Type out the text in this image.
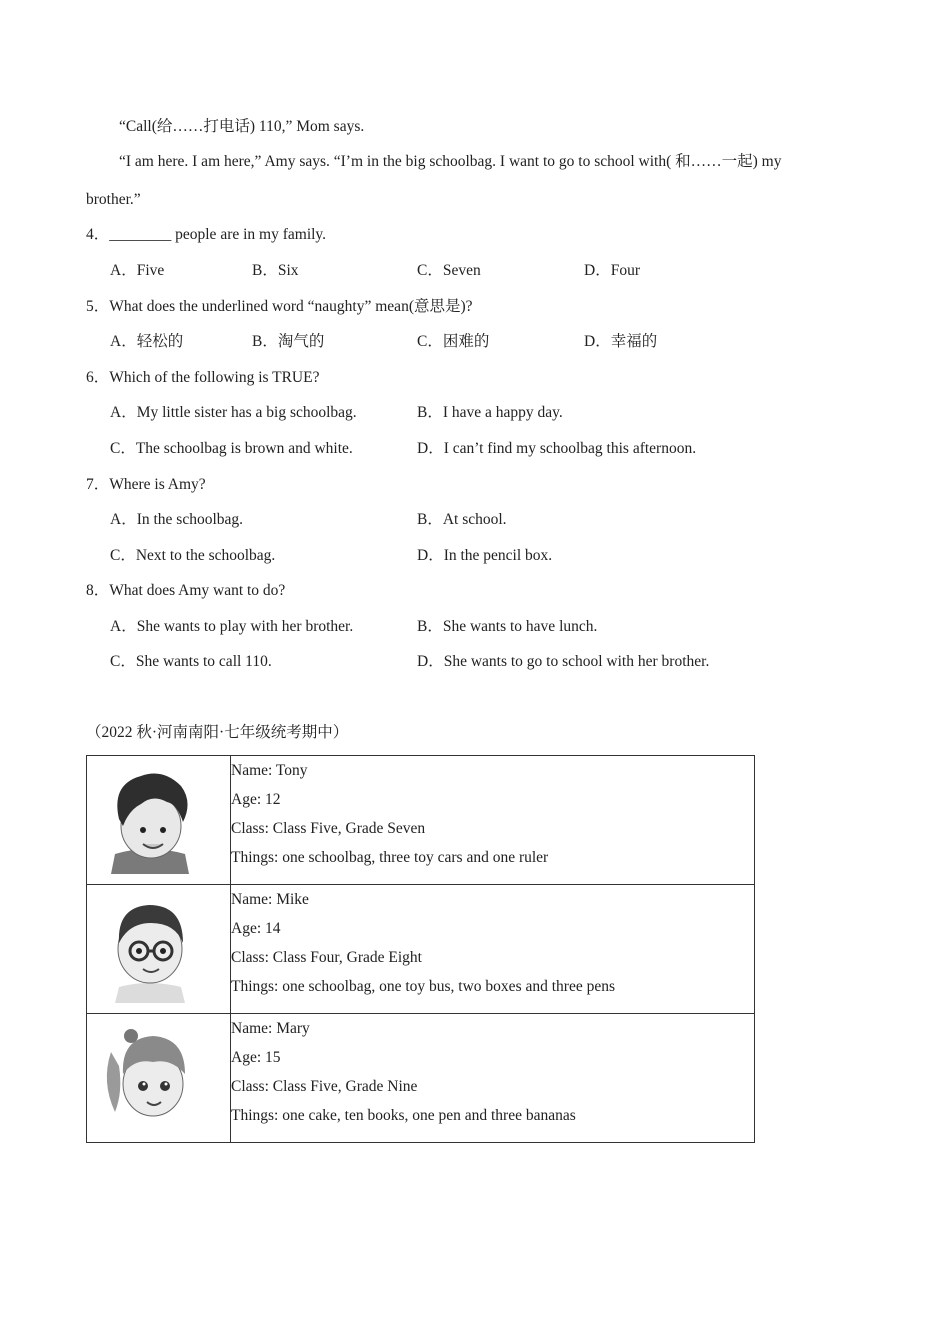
“Call(给……打电话) 110,” Mom says.
“I am here. I am here,” Amy says. “I’m in the big schoolbag. I want to go to school with( 和……一起) my
brother.”
4．________ people are in my family.
A．Five	B．Six	C．Seven	D．Four
5．What does the underlined word “naughty” mean(意思是)?
A．轻松的	B．淘气的	C．困难的	D．幸福的
6．Which of the following is TRUE?
A．My little sister has a big schoolbag.	B．I have a happy day.
C．The schoolbag is brown and white.	D．I can’t find my schoolbag this afternoon.
7．Where is Amy?
A．In the schoolbag.	B．At school.
C．Next to the schoolbag.	D．In the pencil box.
8．What does Amy want to do?
A．She wants to play with her brother.	B．She wants to have lunch.
C．She wants to call 110.	D．She wants to go to school with her brother.
（2022 秋·河南南阳·七年级统考期中）

Name: Tony
Age: 12
Class: Class Five, Grade Seven
Things: one schoolbag, three toy cars and one ruler

Name: Mike
Age: 14
Class: Class Four, Grade Eight
Things: one schoolbag, one toy bus, two boxes and three pens

Name: Mary
Age: 15
Class: Class Five, Grade Nine
Things: one cake, ten books, one pen and three bananas
